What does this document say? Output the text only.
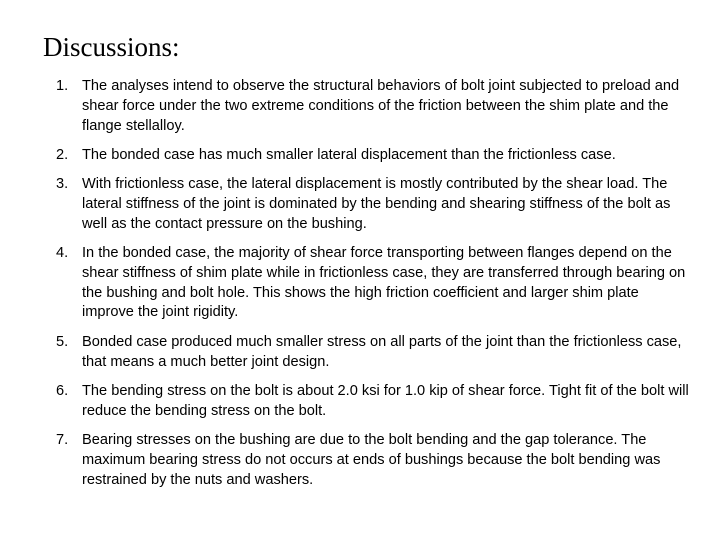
Discussions:
1. The analyses intend to observe the structural behaviors of bolt joint subjected to preload and shear force under the two extreme conditions of the friction between the shim plate and the flange stellalloy.
2. The bonded case has much smaller lateral displacement than the frictionless case.
3. With frictionless case, the lateral displacement is mostly contributed by the shear load. The lateral stiffness of the joint is dominated by the bending and shearing stiffness of the bolt as well as the contact pressure on the bushing.
4. In the bonded case, the majority of shear force transporting between flanges depend on the shear stiffness of shim plate while in frictionless case, they are transferred through bearing on the bushing and bolt hole. This shows the high friction coefficient and larger shim plate improve the joint rigidity.
5. Bonded case produced much smaller stress on all parts of the joint than the frictionless case, that means a much better joint design.
6. The bending stress on the bolt is about 2.0 ksi for 1.0 kip of shear force. Tight fit of the bolt will reduce the bending stress on the bolt.
7. Bearing stresses on the bushing are due to the bolt bending and the gap tolerance. The maximum bearing stress do not occurs at ends of bushings because the bolt bending was restrained by the nuts and washers.
